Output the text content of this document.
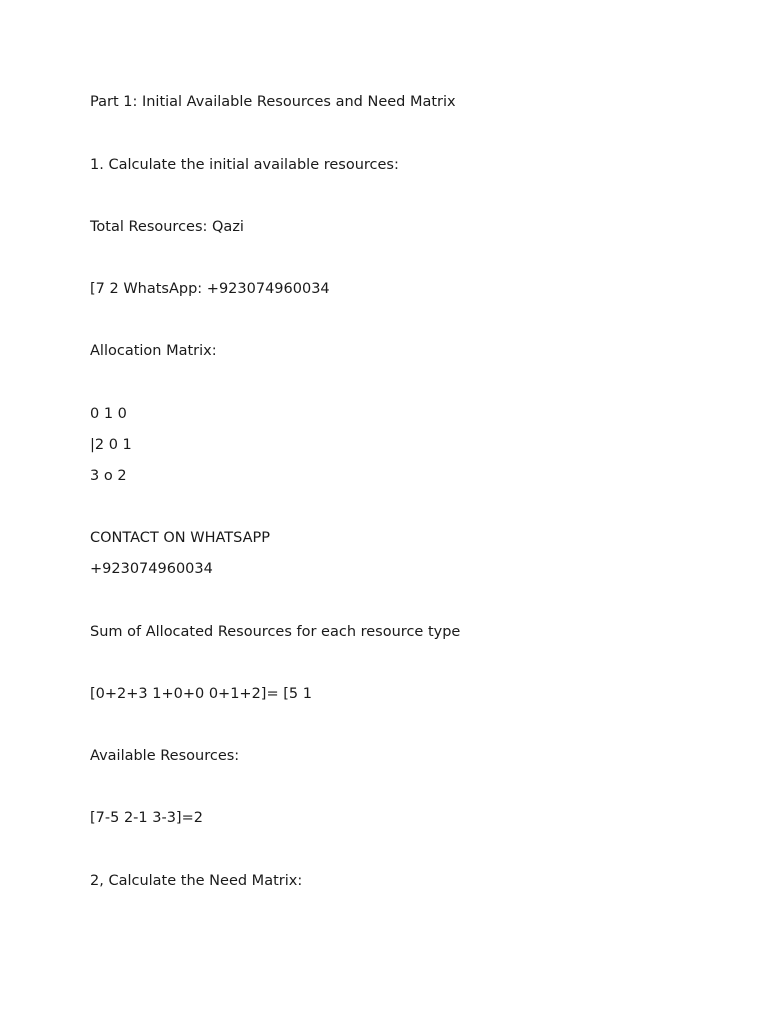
Part 1: Initial Available Resources and Need Matrix

1. Calculate the initial available resources:

Total Resources: Qazi

[7 2 WhatsApp: +923074960034

Allocation Matrix:

0 1 0

|2 0 1

3 o 2

CONTACT ON WHATSAPP

+923074960034

Sum of Allocated Resources for each resource type

[0+2+3 1+0+0 0+1+2]= [5 1

Available Resources:

[7-5 2-1 3-3]=2

2, Calculate the Need Matrix:
